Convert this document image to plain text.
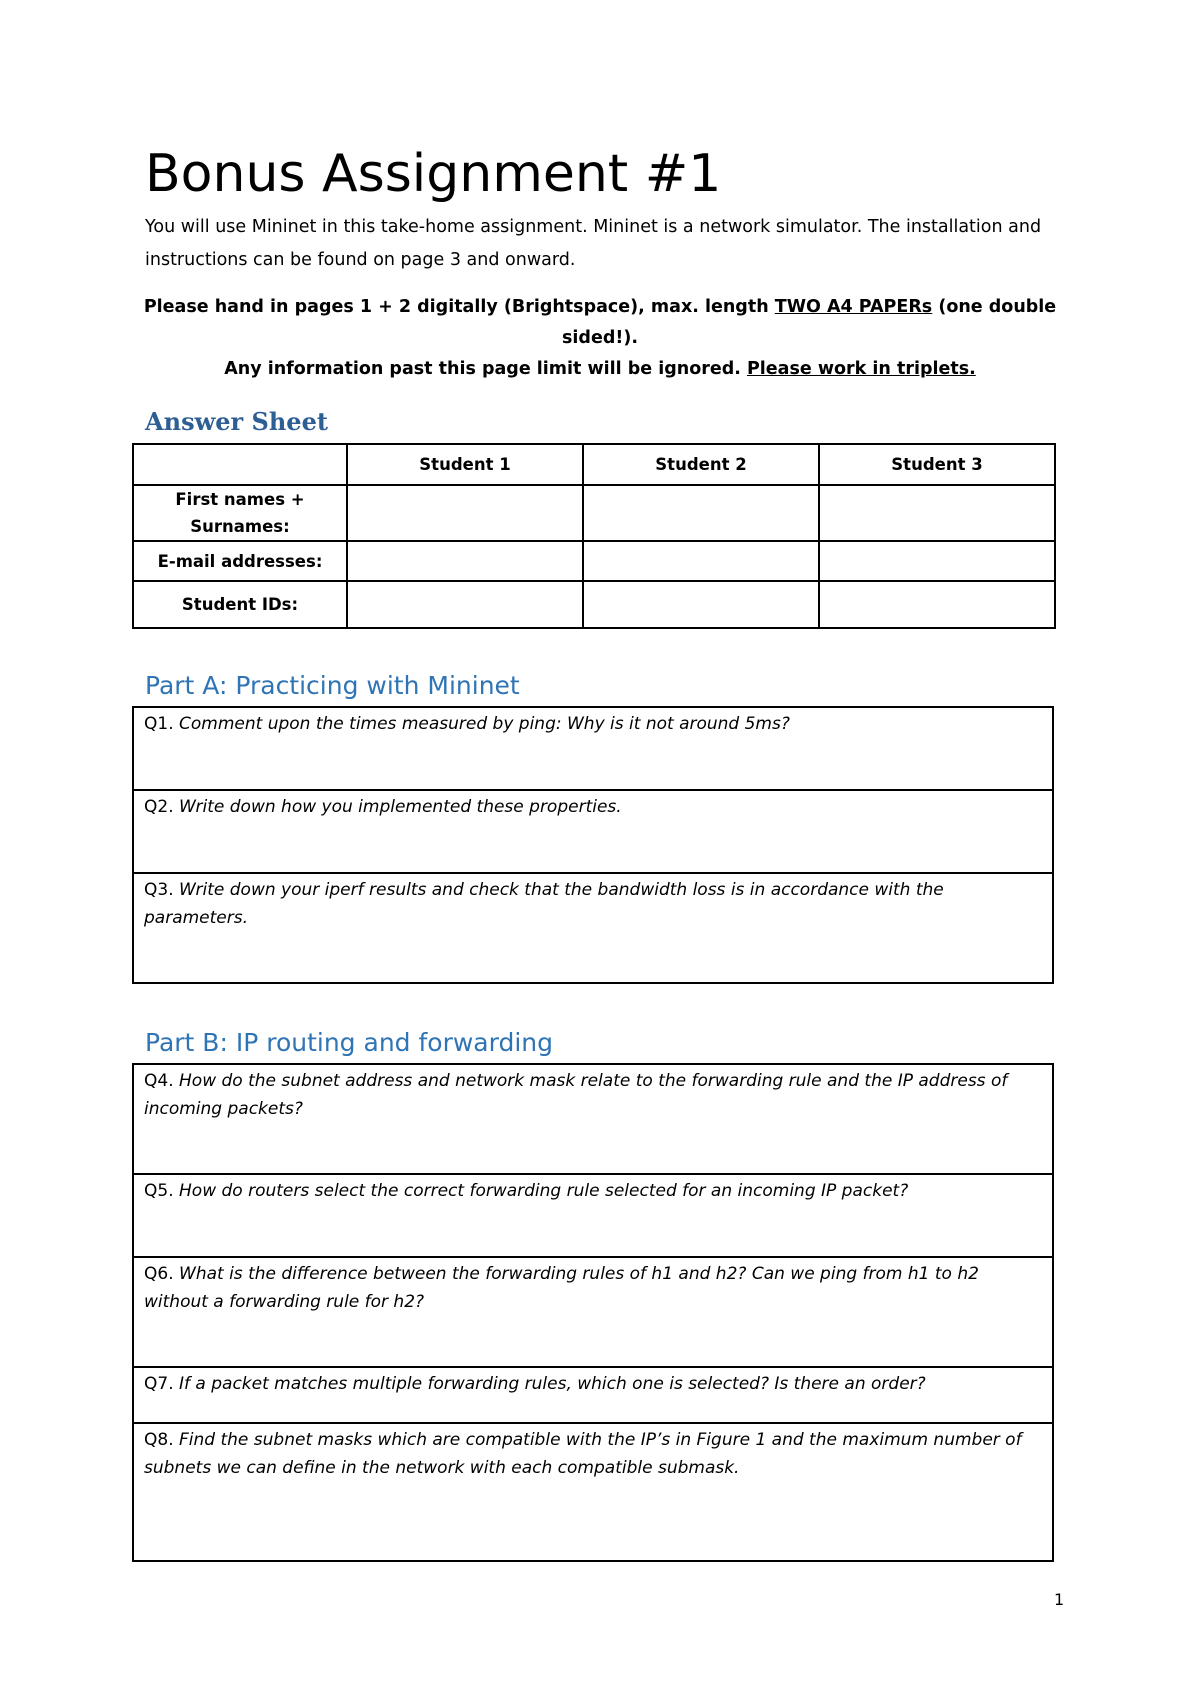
Bonus Assignment #1

You will use Mininet in this take-home assignment. Mininet is a network simulator. The installation and instructions can be found on page 3 and onward.

Please hand in pages 1 + 2 digitally (Brightspace), max. length TWO A4 PAPERs (one double sided!).
Any information past this page limit will be ignored. Please work in triplets.

Answer Sheet
	Student 1	Student 2	Student 3
First names + Surnames:			
E-mail addresses:			
Student IDs:			
Part A: Practicing with Mininet
Q1. Comment upon the times measured by ping: Why is it not around 5ms?
Q2. Write down how you implemented these properties.
Q3. Write down your iperf results and check that the bandwidth loss is in accordance with the parameters.
Part B: IP routing and forwarding
Q4. How do the subnet address and network mask relate to the forwarding rule and the IP address of incoming packets?
Q5. How do routers select the correct forwarding rule selected for an incoming IP packet?
Q6. What is the difference between the forwarding rules of h1 and h2? Can we ping from h1 to h2 without a forwarding rule for h2?
Q7. If a packet matches multiple forwarding rules, which one is selected? Is there an order?
Q8. Find the subnet masks which are compatible with the IP’s in Figure 1 and the maximum number of subnets we can define in the network with each compatible submask.

1
